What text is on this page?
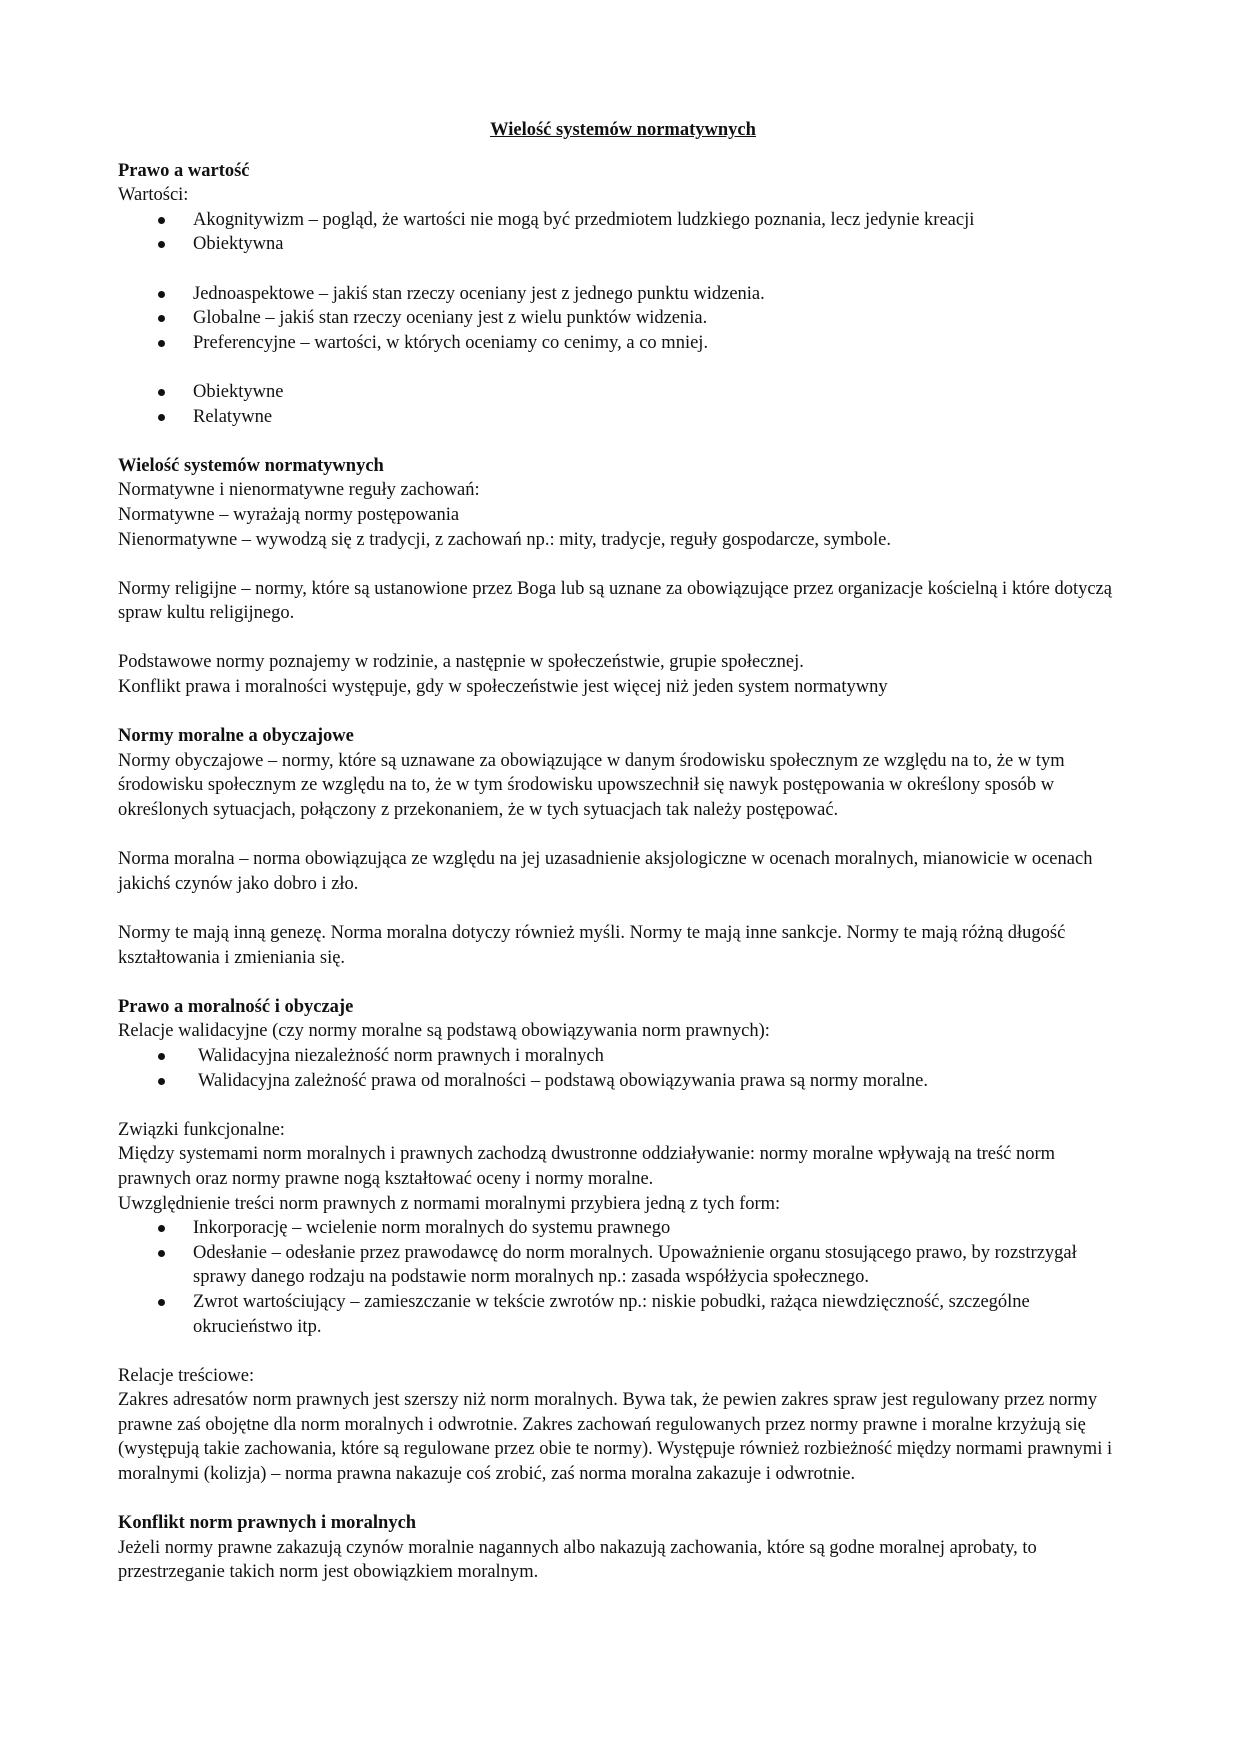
Wielość systemów normatywnych
Prawo a wartość

Wartości:

Akognitywizm – pogląd, że wartości nie mogą być przedmiotem ludzkiego poznania, lecz jedynie kreacji
Obiektywna
Jednoaspektowe – jakiś stan rzeczy oceniany jest z jednego punktu widzenia.
Globalne – jakiś stan rzeczy oceniany jest z wielu punktów widzenia.
Preferencyjne – wartości, w których oceniamy co cenimy, a co mniej.
Obiektywne
Relatywne
Wielość systemów normatywnych

Normatywne i nienormatywne reguły zachowań:

Normatywne – wyrażają normy postępowania

Nienormatywne – wywodzą się z tradycji, z zachowań np.: mity, tradycje, reguły gospodarcze, symbole.

Normy religijne – normy, które są ustanowione przez Boga lub są uznane za obowiązujące przez organizacje kościelną i które dotyczą spraw kultu religijnego.

Podstawowe normy poznajemy w rodzinie, a następnie w społeczeństwie, grupie społecznej.

Konflikt prawa i moralności występuje, gdy w społeczeństwie jest więcej niż jeden system normatywny

Normy moralne a obyczajowe

Normy obyczajowe – normy, które są uznawane za obowiązujące w danym środowisku społecznym ze względu na to, że w tym środowisku społecznym ze względu na to, że w tym środowisku upowszechnił się nawyk postępowania w określony sposób w określonych sytuacjach, połączony z przekonaniem, że w tych sytuacjach tak należy postępować.

Norma moralna – norma obowiązująca ze względu na jej uzasadnienie aksjologiczne w ocenach moralnych, mianowicie w ocenach jakichś czynów jako dobro i zło.

Normy te mają inną genezę. Norma moralna dotyczy również myśli. Normy te mają inne sankcje. Normy te mają różną długość kształtowania i zmieniania się.

Prawo a moralność i obyczaje

Relacje walidacyjne (czy normy moralne są podstawą obowiązywania norm prawnych):

Walidacyjna niezależność norm prawnych i moralnych
Walidacyjna zależność prawa od moralności – podstawą obowiązywania prawa są normy moralne.

Związki funkcjonalne:

Między systemami norm moralnych i prawnych zachodzą dwustronne oddziaływanie: normy moralne wpływają na treść norm prawnych oraz normy prawne nogą kształtować oceny i normy moralne.

Uwzględnienie treści norm prawnych z normami moralnymi przybiera jedną z tych form:

Inkorporację – wcielenie norm moralnych do systemu prawnego
Odesłanie – odesłanie przez prawodawcę do norm moralnych. Upoważnienie organu stosującego prawo, by rozstrzygał sprawy danego rodzaju na podstawie norm moralnych np.: zasada współżycia społecznego.
Zwrot wartościujący – zamieszczanie w tekście zwrotów np.: niskie pobudki, rażąca niewdzięczność, szczególne okrucieństwo itp.

Relacje treściowe:

Zakres adresatów norm prawnych jest szerszy niż norm moralnych. Bywa tak, że pewien zakres spraw jest regulowany przez normy prawne zaś obojętne dla norm moralnych i odwrotnie. Zakres zachowań regulowanych przez normy prawne i moralne krzyżują się (występują takie zachowania, które są regulowane przez obie te normy). Występuje również rozbieżność między normami prawnymi i moralnymi (kolizja) – norma prawna nakazuje coś zrobić, zaś norma moralna zakazuje i odwrotnie.

Konflikt norm prawnych i moralnych

Jeżeli normy prawne zakazują czynów moralnie nagannych albo nakazują zachowania, które są godne moralnej aprobaty, to przestrzeganie takich norm jest obowiązkiem moralnym.
